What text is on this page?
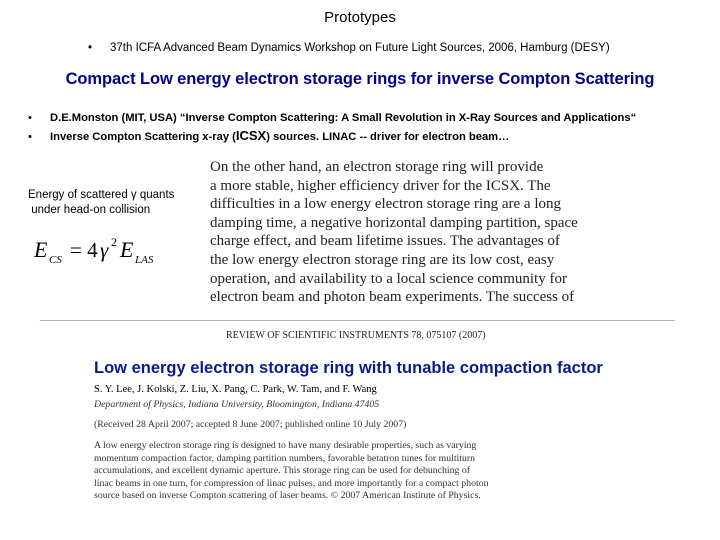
Prototypes
• 37th ICFA Advanced Beam Dynamics Workshop on Future Light Sources, 2006, Hamburg (DESY)
Compact Low energy electron storage rings for inverse Compton Scattering
• D.E.Monston (MIT, USA) “Inverse Compton Scattering: A Small Revolution in X-Ray Sources and Applications“
• Inverse Compton Scattering x-ray (ICSX) sources. LINAC -- driver for electron beam…
Energy of scattered γ quants
under head-on collision
E CS = 4 γ 2 E LAS
On the other hand, an electron storage ring will provide
a more stable, higher efficiency driver for the ICSX. The
difficulties in a low energy electron storage ring are a long
damping time, a negative horizontal damping partition, space
charge effect, and beam lifetime issues. The advantages of
the low energy electron storage ring are its low cost, easy
operation, and availability to a local science community for
electron beam and photon beam experiments. The success of
REVIEW OF SCIENTIFIC INSTRUMENTS 78, 075107 (2007)
Low energy electron storage ring with tunable compaction factor
S. Y. Lee, J. Kolski, Z. Liu, X. Pang, C. Park, W. Tam, and F. Wang
Department of Physics, Indiana University, Bloomington, Indiana 47405
(Received 28 April 2007; accepted 8 June 2007; published online 10 July 2007)
A low energy electron storage ring is designed to have many desirable properties, such as varying
momentum compaction factor, damping partition numbers, favorable betatron tunes for multiturn
accumulations, and excellent dynamic aperture. This storage ring can be used for debunching of
linac beams in one turn, for compression of linac pulses, and more importantly for a compact photon
source based on inverse Compton scattering of laser beams. © 2007 American Institute of Physics.
